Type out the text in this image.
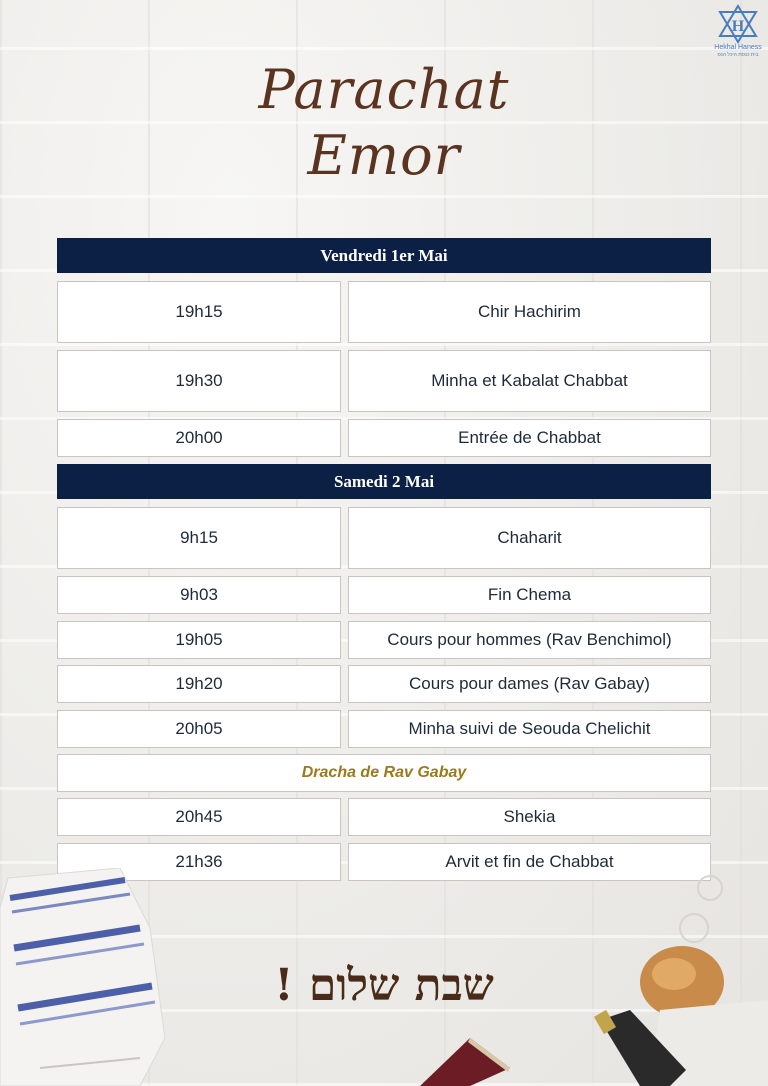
H
Hekhal Haness
בית כנסת היכל הנס
Parachat
Emor
Vendredi 1er Mai
19h15	Chir Hachirim
19h30	Minha et Kabalat Chabbat
20h00	Entrée de Chabbat
Samedi 2 Mai
9h15	Chaharit
9h03	Fin Chema
19h05	Cours pour hommes (Rav Benchimol)
19h20	Cours pour dames (Rav Gabay)
20h05	Minha suivi de Seouda Chelichit
Dracha de Rav Gabay
20h45	Shekia
21h36	Arvit et fin de Chabbat
שבת שלום !
